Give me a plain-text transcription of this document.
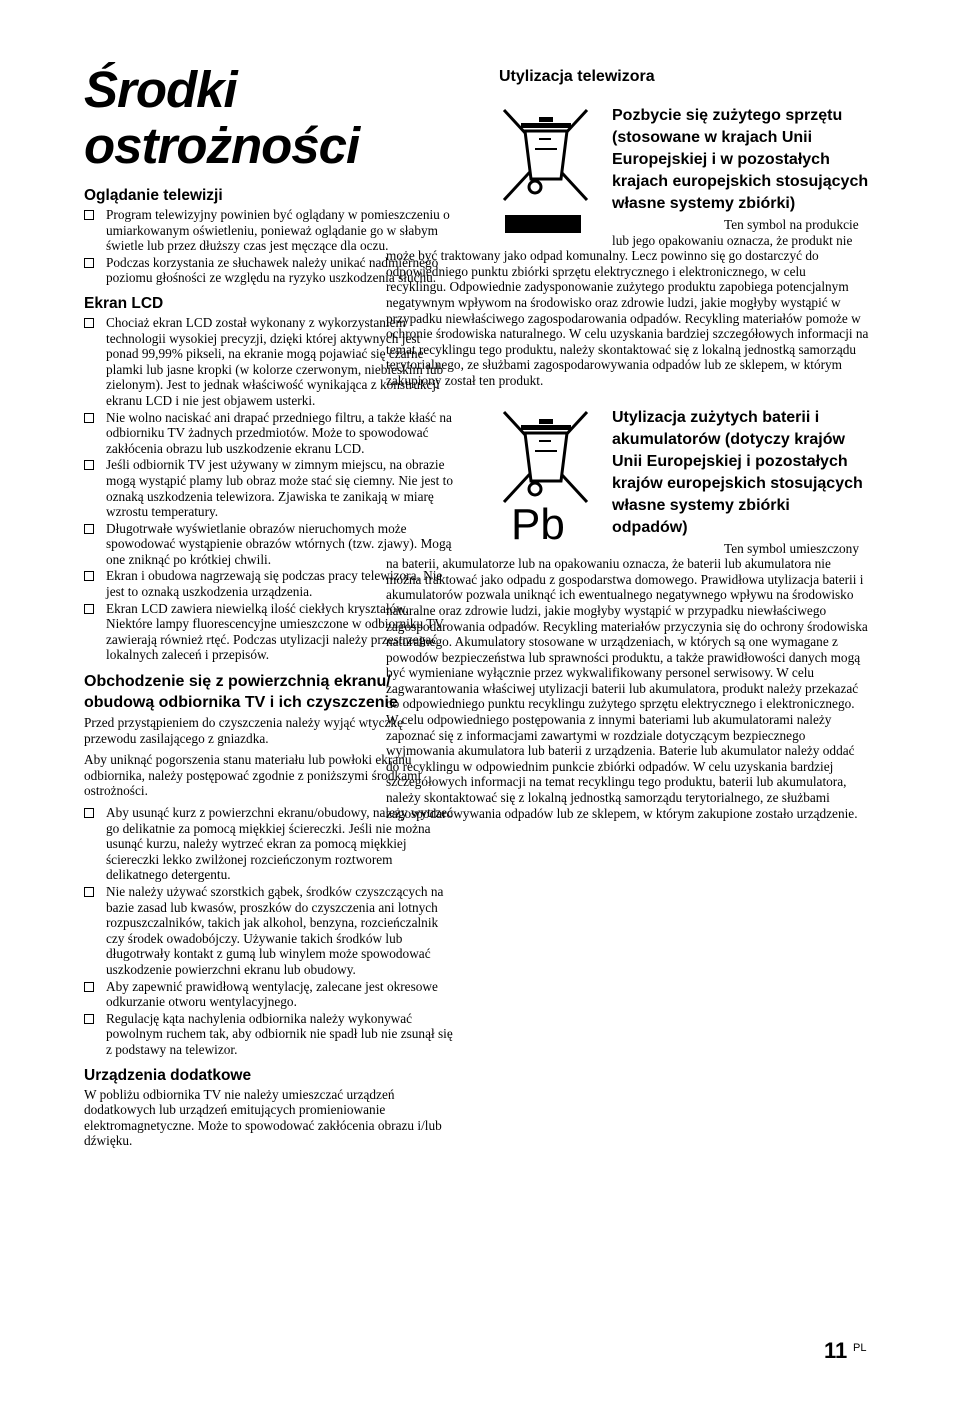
Środki
ostrożności
Oglądanie telewizji
Program telewizyjny powinien być oglądany w pomieszczeniu o umiarkowanym oświetleniu, ponieważ oglądanie go w słabym świetle lub przez dłuższy czas jest męczące dla oczu.
Podczas korzystania ze słuchawek należy unikać nadmiernego poziomu głośności ze względu na ryzyko uszkodzenia słuchu.
Ekran LCD
Chociaż ekran LCD został wykonany z wykorzystaniem technologii wysokiej precyzji, dzięki której aktywnych jest ponad 99,99% pikseli, na ekranie mogą pojawiać się czarne plamki lub jasne kropki (w kolorze czerwonym, niebieskim lub zielonym). Jest to jednak właściwość wynikająca z konstrukcji ekranu LCD i nie jest objawem usterki.
Nie wolno naciskać ani drapać przedniego filtru, a także kłaść na odbiorniku TV żadnych przedmiotów. Może to spowodować zakłócenia obrazu lub uszkodzenie ekranu LCD.
Jeśli odbiornik TV jest używany w zimnym miejscu, na obrazie mogą wystąpić plamy lub obraz może stać się ciemny. Nie jest to oznaką uszkodzenia telewizora. Zjawiska te zanikają w miarę wzrostu temperatury.
Długotrwałe wyświetlanie obrazów nieruchomych może spowodować wystąpienie obrazów wtórnych (tzw. zjawy). Mogą one zniknąć po krótkiej chwili.
Ekran i obudowa nagrzewają się podczas pracy telewizora. Nie jest to oznaką uszkodzenia urządzenia.
Ekran LCD zawiera niewielką ilość ciekłych kryształów. Niektóre lampy fluorescencyjne umieszczone w odbiorniku TV zawierają również rtęć. Podczas utylizacji należy przestrzegać lokalnych zaleceń i przepisów.
Obchodzenie się z powierzchnią ekranu/
obudową odbiornika TV i ich czyszczenie

Przed przystąpieniem do czyszczenia należy wyjąć wtyczkę przewodu zasilającego z gniazdka.

Aby uniknąć pogorszenia stanu materiału lub powłoki ekranu odbiornika, należy postępować zgodnie z poniższymi środkami ostrożności.

Aby usunąć kurz z powierzchni ekranu/obudowy, należy wytrzeć go delikatnie za pomocą miękkiej ściereczki. Jeśli nie można usunąć kurzu, należy wytrzeć ekran za pomocą miękkiej ściereczki lekko zwilżonej rozcieńczonym roztworem delikatnego detergentu.
Nie należy używać szorstkich gąbek, środków czyszczących na bazie zasad lub kwasów, proszków do czyszczenia ani lotnych rozpuszczalników, takich jak alkohol, benzyna, rozcieńczalnik czy środek owadobójczy. Używanie takich środków lub długotrwały kontakt z gumą lub winylem może spowodować uszkodzenie powierzchni ekranu lub obudowy.
Aby zapewnić prawidłową wentylację, zalecane jest okresowe odkurzanie otworu wentylacyjnego.
Regulację kąta nachylenia odbiornika należy wykonywać powolnym ruchem tak, aby odbiornik nie spadł lub nie zsunął się z podstawy na telewizor.
Urządzenia dodatkowe

W pobliżu odbiornika TV nie należy umieszczać urządzeń dodatkowych lub urządzeń emitujących promieniowanie elektromagnetyczne. Może to spowodować zakłócenia obrazu i/lub dźwięku.

Utylizacja telewizora
Pozbycie się zużytego sprzętu (stosowane w krajach Unii Europejskiej i w pozostałych krajach europejskich stosujących własne systemy zbiórki)
Ten symbol na produkcie lub jego opakowaniu oznacza, że produkt nie może być traktowany jako odpad komunalny. Lecz powinno się go dostarczyć do odpowiedniego punktu zbiórki sprzętu elektrycznego i elektronicznego, w celu recyklingu. Odpowiednie zadysponowanie zużytego produktu zapobiega potencjalnym negatywnym wpływom na środowisko oraz zdrowie ludzi, jakie mogłyby wystąpić w przypadku niewłaściwego zagospodarowania odpadów. Recykling materiałów pomoże w ochronie środowiska naturalnego. W celu uzyskania bardziej szczegółowych informacji na temat recyklingu tego produktu, należy skontaktować się z lokalną jednostką samorządu terytorialnego, ze służbami zagospodarowywania odpadów lub ze sklepem, w którym zakupiony został ten produkt.
Pb
Utylizacja zużytych baterii i akumulatorów (dotyczy krajów Unii Europejskiej i pozostałych krajów europejskich stosujących własne systemy zbiórki odpadów)
Ten symbol umieszczony na baterii, akumulatorze lub na opakowaniu oznacza, że baterii lub akumulatora nie można traktować jako odpadu z gospodarstwa domowego. Prawidłowa utylizacja baterii i akumulatorów pozwala uniknąć ich ewentualnego negatywnego wpływu na środowisko naturalne oraz zdrowie ludzi, jakie mogłyby wystąpić w przypadku niewłaściwego zagospodarowania odpadów. Recykling materiałów przyczynia się do ochrony środowiska naturalnego. Akumulatory stosowane w urządzeniach, w których są one wymagane z powodów bezpieczeństwa lub sprawności produktu, a także prawidłowości danych mogą być wymieniane wyłącznie przez wykwalifikowany personel serwisowy. W celu zagwarantowania właściwej utylizacji baterii lub akumulatora, produkt należy przekazać do odpowiedniego punktu recyklingu zużytego sprzętu elektrycznego i elektronicznego. W celu odpowiedniego postępowania z innymi bateriami lub akumulatorami należy zapoznać się z informacjami zawartymi w rozdziale dotyczącym bezpiecznego wyjmowania akumulatora lub baterii z urządzenia. Baterie lub akumulator należy oddać do recyklingu w odpowiednim punkcie zbiórki odpadów. W celu uzyskania bardziej szczegółowych informacji na temat recyklingu tego produktu, baterii lub akumulatora, należy skontaktować się z lokalną jednostką samorządu terytorialnego, ze służbami zagospodarowywania odpadów lub ze sklepem, w którym zakupione zostało urządzenie.
11 PL
